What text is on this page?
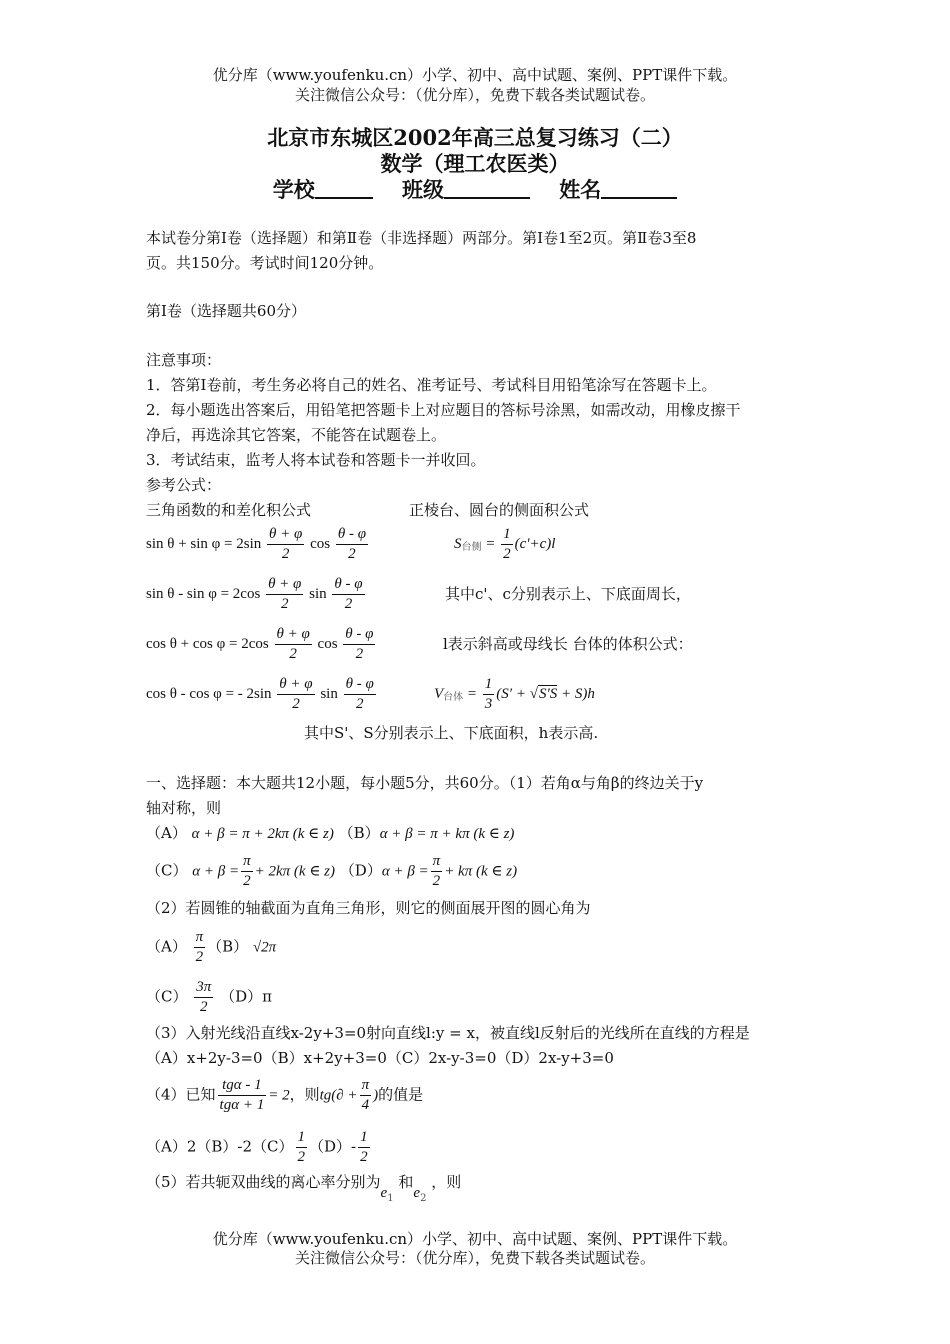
优分库（www.youfenku.cn）小学、初中、高中试题、案例、PPT课件下载。
关注微信公众号：（优分库），免费下载各类试题试卷。
北京市东城区2002年高三总复习练习（二）
数学（理工农医类）
学校	班级	姓名
本试卷分第Ⅰ卷（选择题）和第Ⅱ卷（非选择题）两部分。第Ⅰ卷1至2页。第Ⅱ卷3至8
页。共150分。考试时间120分钟。
第Ⅰ卷（选择题共60分）
注意事项：
1．答第Ⅰ卷前，考生务必将自己的姓名、准考证号、考试科目用铅笔涂写在答题卡上。
2．每小题选出答案后，用铅笔把答题卡上对应题目的答标号涂黑，如需改动，用橡皮擦干
净后，再选涂其它答案，不能答在试题卷上。
3．考试结束，监考人将本试卷和答题卡一并收回。
参考公式：
三角函数的和差化积公式	正棱台、圆台的侧面积公式
$\sin \theta + \sin \varphi = 2\sin \frac{\theta + \varphi}{2}$ $\cos \frac{\theta - \varphi}{2}$	$S_{台侧} = \frac{1}{2} (c'+c)l$
$\sin \theta - \sin \varphi = 2\cos \frac{\theta + \varphi}{2}$ $\sin \frac{\theta - \varphi}{2}$	其中c'、c分别表示上、下底面周长，
$\cos \theta + \cos \varphi = 2\cos \frac{\theta + \varphi}{2}$ $\cos \frac{\theta - \varphi}{2}$	l表示斜高或母线长 台体的体积公式：
cos θ - cos φ = - $2\sin \frac{\theta + \varphi}{2}$ $\sin \frac{\theta - \varphi}{2}$	$V_{台体} = \frac{1}{3} (S' + √S'S + S)h$
其中S'、S分别表示上、下底面积，h表示高.
一、选择题：本大题共12小题，每小题5分，共60分。（1）若角α与角β的终边关于y
轴对称，则
（A） α + β = π + 2kπ (k ∈ z) （B）α + β = π + kπ (k ∈ z)
（C） $\alpha + \beta = \frac{\pi}{2} + 2k\pi$ (k ∈ z) $(D)\alpha + \beta = \frac{\pi}{2} + k\pi$ (k ∈ z)
（2）若圆锥的轴截面为直角三角形，则它的侧面展开图的圆心角为
$(A) \frac{\pi}{2} (B)$ √2π
$(C) \frac{3\pi}{2} (D)\pi$
（3）入射光线沿直线x-2y+3=0射向直线l:y = x，被直线l反射后的光线所在直线的方程是
（A）x+2y-3=0（B）x+2y+3=0（C）2x-y-3=0（D）2x-y+3=0
（4）已知 $\frac{\text{tgα - 1}}{\text{tgα + 1}} = 2$，则$tg(\partial + \frac{\pi}{4}$ )的值是
$(A)2(B)-2(C) \frac{1}{2} (D)- \frac{1}{2}$
（5）若共轭双曲线的离心率分别为$e_1$ 和$e_2$ ，则
优分库（www.youfenku.cn）小学、初中、高中试题、案例、PPT课件下载。
关注微信公众号：（优分库），免费下载各类试题试卷。
